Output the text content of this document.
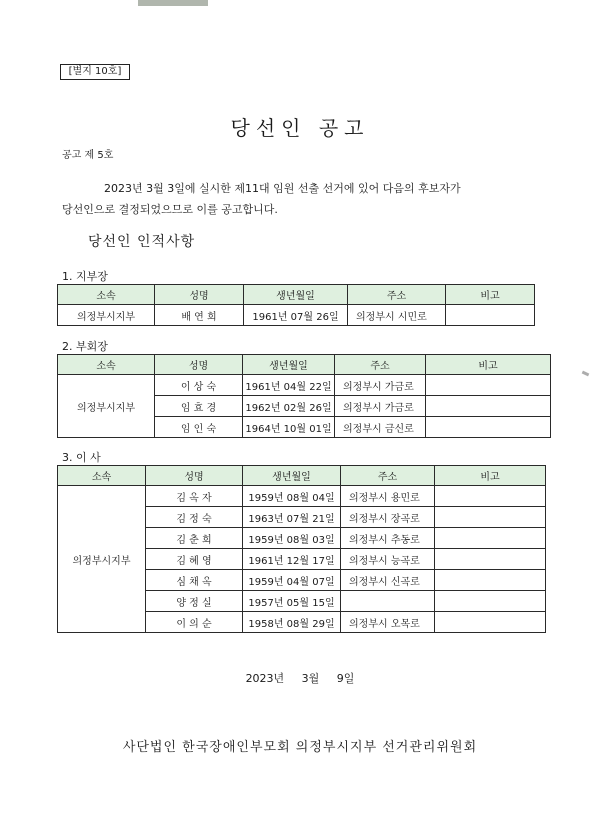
[별지 10호]
당선인 공고
공고 제 5호
2023년 3월 3일에 실시한 제11대 임원 선출 선거에 있어 다음의 후보자가
당선인으로 결정되었으므로 이를 공고합니다.
당선인 인적사항
1. 지부장
소속	성명	생년월일	주소	비고
의정부시지부	배 연 희	1961년 07월 26일	의정부시 시민로	
2. 부회장
소속	성명	생년월일	주소	비고
의정부시지부	이 상 숙	1961년 04월 22일	의정부시 가금로	
	임 효 경	1962년 02월 26일	의정부시 가금로	
	임 인 숙	1964년 10월 01일	의정부시 금신로	
3. 이 사
소속	성명	생년월일	주소	비고
의정부시지부	김 옥 자	1959년 08월 04일	의정부시 용민로	
	김 정 숙	1963년 07월 21일	의정부시 장곡로	
	김 춘 희	1959년 08월 03일	의정부시 추동로	
	김 혜 영	1961년 12월 17일	의정부시 능곡로	
	심 채 옥	1959년 04월 07일	의정부시 신곡로	
	양 정 실	1957년 05월 15일		
	이 의 순	1958년 08월 29일	의정부시 오목로	
2023년 3월 9일
사단법인 한국장애인부모회 의정부시지부 선거관리위원회
